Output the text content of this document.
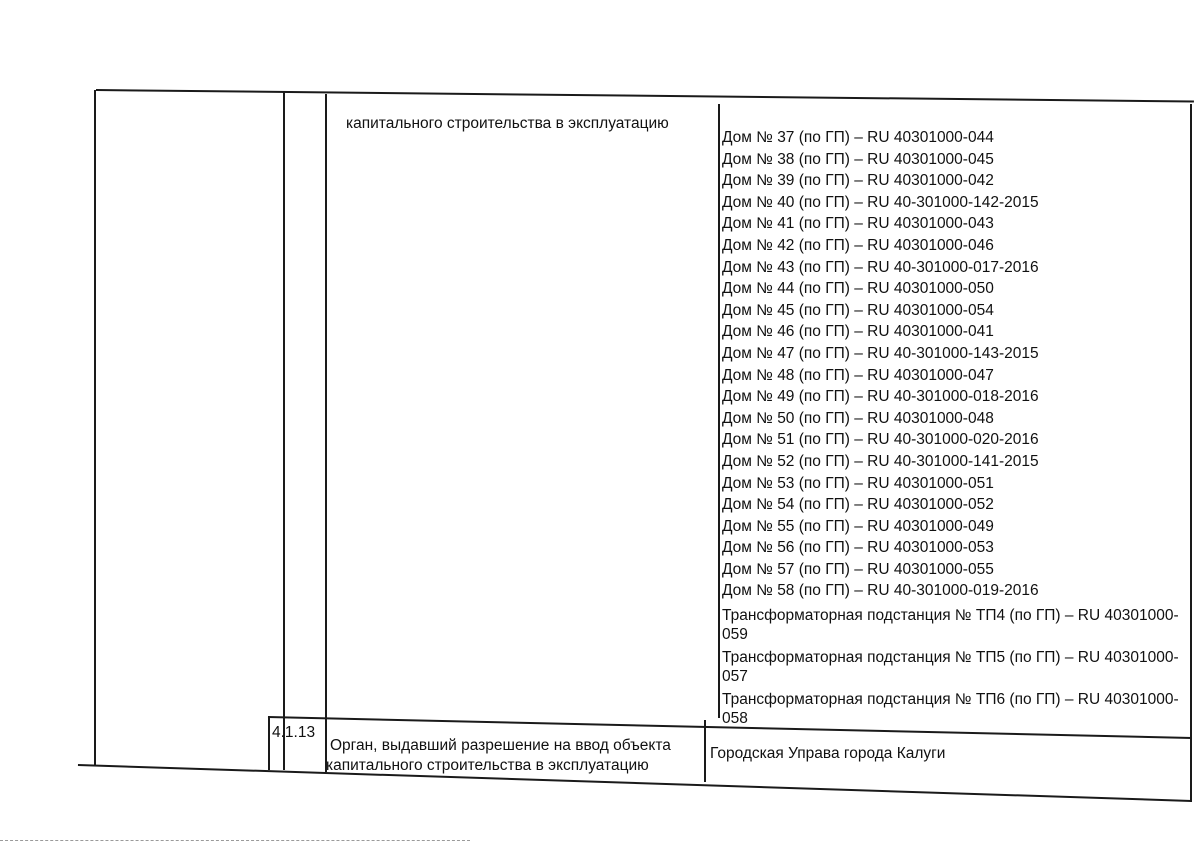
капитального строительства в эксплуатацию
Дом № 37 (по ГП) – RU 40301000-044
Дом № 38 (по ГП) – RU 40301000-045
Дом № 39 (по ГП) – RU 40301000-042
Дом № 40 (по ГП) – RU 40-301000-142-2015
Дом № 41 (по ГП) – RU 40301000-043
Дом № 42 (по ГП) – RU 40301000-046
Дом № 43 (по ГП) – RU 40-301000-017-2016
Дом № 44 (по ГП) – RU 40301000-050
Дом № 45 (по ГП) – RU 40301000-054
Дом № 46 (по ГП) – RU 40301000-041
Дом № 47 (по ГП) – RU 40-301000-143-2015
Дом № 48 (по ГП) – RU 40301000-047
Дом № 49 (по ГП) – RU 40-301000-018-2016
Дом № 50 (по ГП) – RU 40301000-048
Дом № 51 (по ГП) – RU 40-301000-020-2016
Дом № 52 (по ГП) – RU 40-301000-141-2015
Дом № 53 (по ГП) – RU 40301000-051
Дом № 54 (по ГП) – RU 40301000-052
Дом № 55 (по ГП) – RU 40301000-049
Дом № 56 (по ГП) – RU 40301000-053
Дом № 57 (по ГП) – RU 40301000-055
Дом № 58 (по ГП) – RU 40-301000-019-2016
Трансформаторная подстанция № ТП4 (по ГП) – RU 40301000-059
Трансформаторная подстанция № ТП5 (по ГП) – RU 40301000-057
Трансформаторная подстанция № ТП6 (по ГП) – RU 40301000-058
4.1.13
Орган, выдавший разрешение на ввод объекта
капитального строительства в эксплуатацию
Городская Управа города Калуги
